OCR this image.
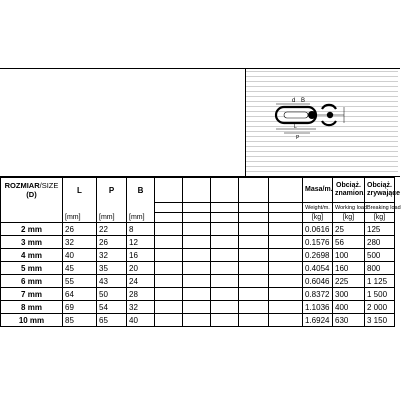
d B
L
P
ROZMIAR/SIZE
(D)	L	P	B						Masa/m.	Obciąż.
znamion.	Obciąż.
zrywające
									Weight/m.	Working load	Breaking load
	[mm]	[mm]	[mm]						[kg]	[kg]	[kg]
2 mm	26	22	8						0.0616	25	125
3 mm	32	26	12						0.1576	56	280
4 mm	40	32	16						0.2698	100	500
5 mm	45	35	20						0.4054	160	800
6 mm	55	43	24						0.6046	225	1 125
7 mm	64	50	28						0.8372	300	1 500
8 mm	69	54	32						1.1036	400	2 000
10 mm	85	65	40						1.6924	630	3 150
